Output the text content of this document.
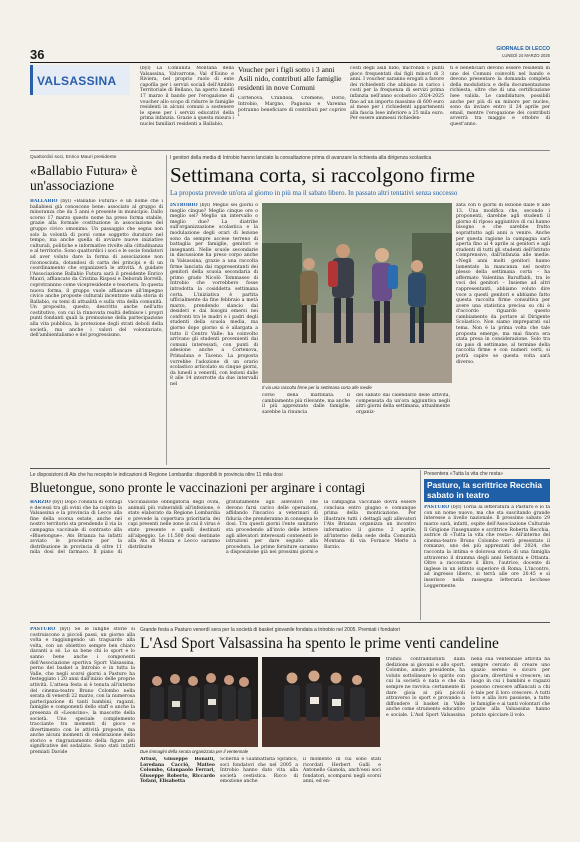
36	GIORNALE DI LECCO
LUNEDÌ 24 MARZO 2025
VALSASSINA
(byl) La Comunità Montana della Valsassina, Valvarrone, Val d'Esino e Riviera, nel proprio ruolo di ente capofila per i servizi sociali dell'Ambito Territoriale di Bellano, ha aperto lunedì 17 marzo il bando per l'erogazione di voucher allo scopo di ridurre le famiglie residenti in alcuni comuni a sostenere le spese per i servizi educativi della prima infanzia. Grazie a questa misura i nuclei familiari residenti a Ballabio,
Voucher per i figli sotto i 3 anni Asili nido, contributi alle famiglie residenti in nove Comuni
Cortenova, Crandola, Cremeno, Dorio, Introbio, Margno, Pagnona e Varenna potranno beneficiare di contributi per coprire i
costi degli asili nido, micronidi o punti gioco frequentati dai figli minori di 3 anni. I voucher saranno erogati a favore dei richiedenti che abbiano in carico i costi per la frequenza di servizi prima infanzia nell'anno scolastico 2024-2025 fino ad un importo massimo di 600 euro al mese per i richiedenti appartenenti alla fascia Isee inferiore a 25 mila euro. Per essere ammessi richieden-
ti e beneficiari devono essere residenti in uno dei Comuni coinvolti nel bando e devono presentare la domanda completa della modulistica e della documentazione richiesta, oltre che di una certificazione Isee valida. Le candidature, possibili anche per più di un minore per nucleo, sono da inviare entro il 24 aprile per email, mentre l'erogazione dei contributi avverrà tra maggio e ottobre di quest'anno.
Quattordici soci, Enrico Mauri presidente
«Ballabio Futura» è un'associazione
BALLABIO (byl) «Ballabio Futura» è un nome che i ballabiesi già conoscono bene: associato al gruppo di minoranza che da 5 anni è presente in municipio. Dallo scorso 17 marzo questo nome ha preso forma stabile, grazie alla formale costituzione in associazione del gruppo civico omonimo. Un passaggio che segna non solo la volontà di porsi come soggetto duraturo nel tempo, ma anche quella di avviare nuove iniziative culturali, politiche e informative rivolte alla cittadinanza e al territorio. Sono quattordici i soci e le socie fondatori ad aver voluto dare la forma di associazione non riconosciuta, dotandosi di carta dei principi e di un coordinamento che organizzerà le attività. A guidare l'Associazione Ballabio Futura sarà il presidente Enrico Mauri, affiancato da Cristina Risposi e Deborah Borrelli, coprotrannno come vicepresidente e tesoriera. In questa nuova forma, il gruppo vuole affiancare all'impegno civico anche proposte culturali incentrate sulla storia di Ballabio, su temi di attualità e sulla vita della comunità. Un proposito, questo, descritto anche nell'atto costitutivo, con cui la rinnovata realtà definisce i propri punti fondanti quali la promozione della partecipazione alla vita pubblica, la protezione degli strati deboli della società, ma anche i valori del volontariato, dell'ambientalismo e del progressismo.
I genitori della media di Introbio hanno lanciato la consultazione prima di avanzare la richiesta alla dirigenza scolastica
Settimana corta, si raccolgono firme
La proposta prevede un'ora al giorno in più ma il sabato libero. In passato altri tentativi senza successo
INTROBIO (byl) Meglio sei giorni o meglio cinque? Meglio cinque ore o meglio sei? Meglio un intervallo o meglio due? La diatribe sull'organizzazione scolastica e la modulazione degli orari di lezione sono da sempre accese terreno di battaglia per famiglie, genitori e insegnanti. Nelle scuole secondarie in discussione ha preso corpo anche in Valsassina, grazie a una raccolta firme lanciata dai rappresentanti dei genitori della scuola secondaria di primo grado Nicolò Tommaseo di Introbio che vorrebbero fosse introdotta la cosiddetta settimana corta. L'iniziativa è partita ufficialmente da fine febbraio a metà marzo, prendendo slancio dai desideri e dai bisogni emersi nei confronti tra le madri e i padri degli studenti della scuola media, ma giorno dopo giorno si è allargata a tutto il Centro Valle: ha coinvolto arrivano gli studenti provenienti dai comuni interessati, con punti di adesione anche a Cortenova, Primaluna e Taceno. La proposta vorrebbe l'adozione di un orario scolastico articolato su cinque giorni, da lunedì a venerdì, con lezioni dalle 8 alle 14 interrotte da due intervalli nel
Il via una raccolta firme per la settimana corta alle medie
corso della mattinata. Il cambiamento più rilevante, ma anche il più apprezzato dalle famiglie, sarebbe la rinuncia
del sabato dal calendario delle attività, compensata da un'ora aggiuntiva negli altri giorni della settimana, attualmente organiz-
zata con 6 giorni di lezione dalle 8 alle 13. Una modifica che, secondo i proponenti, darebbe agli studenti il giorno di riposo aggiuntivo di cui hanno bisogno e che sarebbe frutto soprattutto agli anni a venire. Anche per questa ragione la campagna sarà aperta fino al 4 aprile ai genitori e agli studenti di tutti gli studenti dell'Istituto Comprensivo, dall'infanzia alle medie. «Negli anni molti genitori hanno lamentato la mancanza nel nostro plesso della settimana corta – ha affermato Valentina Baruffaldi, tra le voci dei genitori – Insieme ad altri rappresentanti, abbiamo voluto dire voce a questi genitori e abbiamo fatto questa raccolta firme consultiva per avere una statistica precisa su chi è d'accordo riguardo questo cambiamento da portare al Dirigente Scolastico. Non siamo impreparati sul tema. Non è la prima volta che tale proposta emerge, ma mai finora era stata presa in considerazione. Solo tra un paio di settimane, al termine della raccolta firme e con numeri certi, si potrà capire se questa volta sarà diverso.
Le disposizioni di Ats che ha recepito le indicazioni di Regione Lombardia: disponibili in provincia oltre 11 mila dosi
Bluetongue, sono pronte le vaccinazioni per arginare i contagi
BARZIO (byl) Dopo l'ondata di contagi e decessi tra gli ovini che ha colpito la Valsassina e la provincia di Lecco alla fine della scorsa estate, anche nel nostro territorio sta prendendo il via la campagna vaccinale di contrasto alla «Bluetongue». Ats Brianza ha infatti avviato le procedure per la distribuzione in provincia di oltre 11 mila dosi del farmaco. Il piano di vaccinazione obbligatoria degli ovini, animali più vulnerabili all'infezione, è stato elaborato da Regione Lombardia e prevede la copertura prioritaria dei capi presenti nelle zone in cui il virus è stato presente e quelli destinati all'alpeggio. Le 11.500 dosi destinate alla Ats di Monza e Lecco saranno distribuite
gratuitamente agli allevatori che devono farsi carico delle operazioni, affidando l'incarico a veterinari di fiducia che prenderanno in consegna le dosi. Tra questi giorni l'ente sanitario sta procedendo all'invio delle lettere agli allevatori interessati contenenti le istruzioni per dare seguito alla procedura. Le prime forniture saranno a disposizione già nei prossimi giorni e la campagna vaccinale dovrà essere conclusa entro giugno e comunque prima della monticazione. Per illustrare tutti i dettagli agli allevatori l'Ats Brianza organizza un incontro informativo il giorno 2 aprile, all'interno della sede della Comunità Montana di via Fornace Merlo a Barzio.
Presentera «Tutta la vita che resta»
Pasturo, la scrittrice Recchia sabato in teatro
PASTURO (byl) Torna la letteratura a Pasturo e lo fa con un nome nuovo, ma che sta suscitando grande interesse a livello nazionale. Il prossimo sabato 29 marzo sarà, infatti, ospite dell'Associazione Culturale Il Grigione l'insegnante e scrittrice Roberta Recchia, autrice di «Tutta la vita che resta». All'interno del cinema-teatro Bruno Colombo verrà presentato il romanzo, uno dei più apprezzati del 2024, che racconta la intima e dolorosa storia di una famiglia attraverso il dramma degli anni Settanta e Ottanta. Oltre a raccontare il libro, l'autrice, docente di inglese in un istituto superiore di Roma, L'incontro, ad ingresso libero, si terrà alle ore 20.45 e si inserisce nella rassegna letteraria lecchese Leggermente.
PASTURO (byl) Se le lunghe storie si costruiscono a piccoli passi, un giorno alla volta e raggiungendo un traguardo alla volta, con un obiettivo sempre ben chiaro davanti a sé. Lo sa bene chi lo sport e lo sanno bene anche i componenti dell'Associazione sportiva Sport Valsassina, perno del basket a Introbio e in tutta la Valle, che negli scorsi giorni a Pasturo ha festeggiato i 20 anni dall'inizio delle proprie attività. L'attesa festa si è tenuta all'interno del cinema-teatro Bruno Colombo nella serata di venerdì 22 marzo, con la numerosa partecipazione di tanti bambini, ragazzi, famiglie e componenti dello staff e anche la presenza di «Leoncino», la mascotte della società. Uno speciale complemento tracciante tra momenti di gioco e divertimento con le attività proposte, ma anche alcuni momenti di celebrazione dello storico e ringraziamento della figure più significative del sodalizio. Sono stati infatti premiati Davide
Grande festa a Pasturo venerdì sera per la società di basket giovanile fondata a Introbio nel 2005. Premiati i fondatori
L'Asd Sport Valsassina ha spento le prime venti candeline
Due immagini della serata organizzata per il ventennale
Artusi, Giuseppe Bonaiti, Loredana Cacciò, Matteo Colombo, Gianpaolo Ferrari, Giuseppe Roberto, Riccardo Tofani, Elisabetta
Scherna e Gianbattista Sprafico, soci fondatori che nel 2005 a Introbio hanno dato vita alla società cestistica. Ricco di emozione anche
il momento in cui sono stati ricordati Herbert Galli e Antonello Gianola, anch'essi soci fondatori, scomparsi negli scorsi anni, ed en-
trambi contraddistinti dalla dedizione ai giovani e allo sport. Colombo, amato presidente, ha voluto sottolineare lo spirito con cui la società è nata e che da sempre ne ravviva: certamente di dare gioia ai più piccoli attraverso lo sport e provando a diffondere il basket in Valle anche come strumento educativo e sociale. L'Asd Sport Valsassina nella sua ventennale attività ha sempre cercato di creare uno spazio sereno e sicuro per giocare, divertirsi e crescere, un luogo in cui i bambini e ragazzi possono crescere affiancati a chi è tale per il loro crescere. A tutti loro e alla loro passione, a tutte le famiglie e ai tanti volontari che grazie alla Valsassina hanno potuto spicciare il volo.
